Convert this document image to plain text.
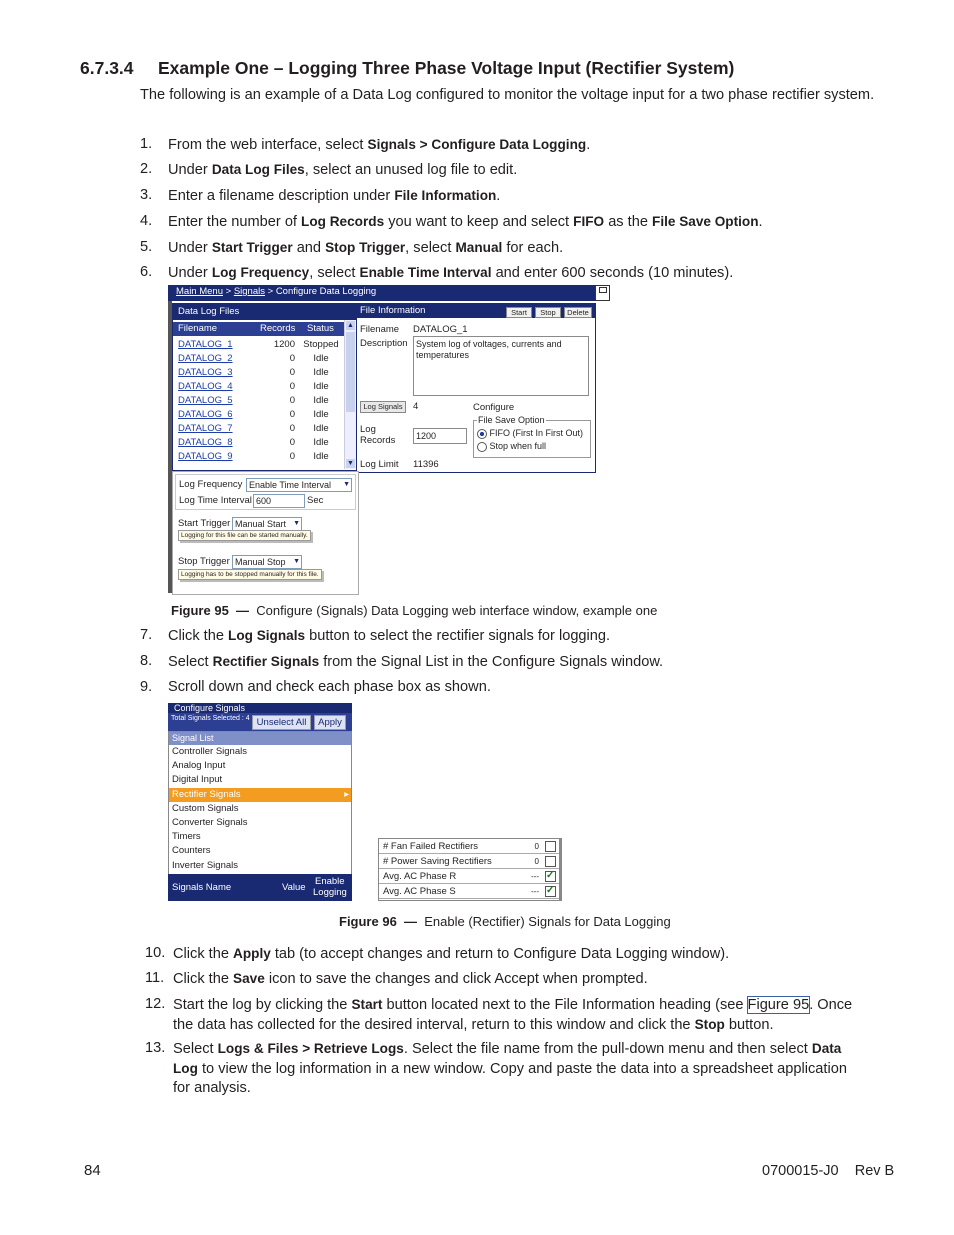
6.7.3.4 Example One – Logging Three Phase Voltage Input (Rectifier System)
The following is an example of a Data Log configured to monitor the voltage input for a two phase rectifier system.
1. From the web interface, select Signals > Configure Data Logging.
2. Under Data Log Files, select an unused log file to edit.
3. Enter a filename description under File Information.
4. Enter the number of Log Records you want to keep and select FIFO as the File Save Option.
5. Under Start Trigger and Stop Trigger, select Manual for each.
6. Under Log Frequency, select Enable Time Interval and enter 600 seconds (10 minutes).
Main Menu > Signals > Configure Data Logging
Data Log Files
Filename	Records Status
DATALOG_1	1200 Stopped
DATALOG_2	0	Idle
DATALOG_3	0	Idle
DATALOG_4	0	Idle
DATALOG_5	0	Idle
DATALOG_6	0	Idle
DATALOG_7	0	Idle
DATALOG_8	0	Idle
DATALOG_9	0	Idle
▲
▼
File Information	Start	Stop	Delete
Filename DATALOG_1
Description System log of voltages, currents and temperatures
Log Signals	4	Configure
Log
Records	1200
File Save Option
FIFO (First In First Out)
Stop when full
Log Limit 11396
Log Frequency Enable Time Interval ▼
Log Time Interval 600	Sec
Start Trigger Manual Start ▼
Logging for this file can be started manually.
Stop Trigger Manual Stop ▼
Logging has to be stopped manually for this file.
Figure 95 — Configure (Signals) Data Logging web interface window, example one
7. Click the Log Signals button to select the rectifier signals for logging.
8. Select Rectifier Signals from the Signal List in the Configure Signals window.
9. Scroll down and check each phase box as shown.
Configure Signals
Total Signals Selected : 4 Unselect All	Apply
Signal List
Controller Signals
Analog Input
Digital Input
Rectifier Signals	▸
Custom Signals
Converter Signals
Timers
Counters
Inverter Signals
Signals Name	Value
Enable
Logging
# Fan Failed Rectifiers	0
# Power Saving Rectifiers	0
Avg. AC Phase R	--- ✓
Avg. AC Phase S	--- ✓
Figure 96 — Enable (Rectifier) Signals for Data Logging
10. Click the Apply tab (to accept changes and return to Configure Data Logging window).
11. Click the Save icon to save the changes and click Accept when prompted.
12. Start the log by clicking the Start button located next to the File Information heading (see Figure 95. Once the data has collected for the desired interval, return to this window and click the Stop button.
13. Select Logs & Files > Retrieve Logs. Select the file name from the pull-down menu and then select Data Log to view the log information in a new window. Copy and paste the data into a spreadsheet application for analysis.
84	0700015-J0 Rev B
